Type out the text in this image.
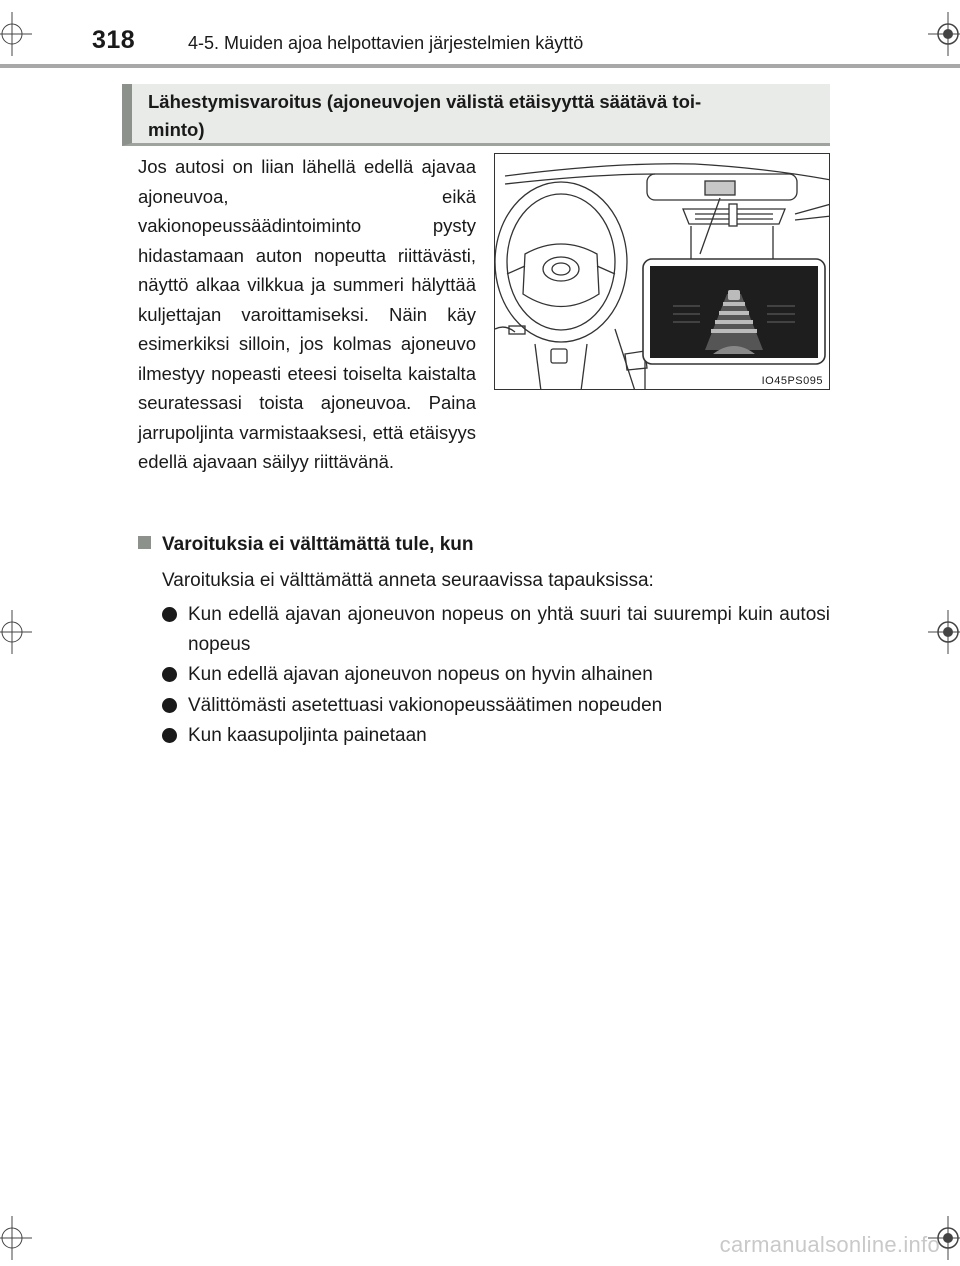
318	4-5. Muiden ajoa helpottavien järjestelmien käyttö
Lähestymisvaroitus (ajoneuvojen välistä etäisyyttä säätävä toi-
minto)
Jos autosi on liian lähellä edellä ajavaa ajoneuvoa, eikä vakionopeussäädintoiminto pysty hidastamaan auton nopeutta riittävästi, näyttö alkaa vilkkua ja summeri hälyttää kuljettajan varoittamiseksi. Näin käy esimerkiksi silloin, jos kolmas ajoneuvo ilmestyy nopeasti eteesi toiselta kaistalta seuratessasi toista ajoneuvoa. Paina jarrupoljinta varmistaaksesi, että etäisyys edellä ajavaan säilyy riittävänä.
IO45PS095
Varoituksia ei välttämättä tule, kun
Varoituksia ei välttämättä anneta seuraavissa tapauksissa:
Kun edellä ajavan ajoneuvon nopeus on yhtä suuri tai suurempi kuin autosi nopeus
Kun edellä ajavan ajoneuvon nopeus on hyvin alhainen
Välittömästi asetettuasi vakionopeussäätimen nopeuden
Kun kaasupoljinta painetaan
carmanualsonline.info
